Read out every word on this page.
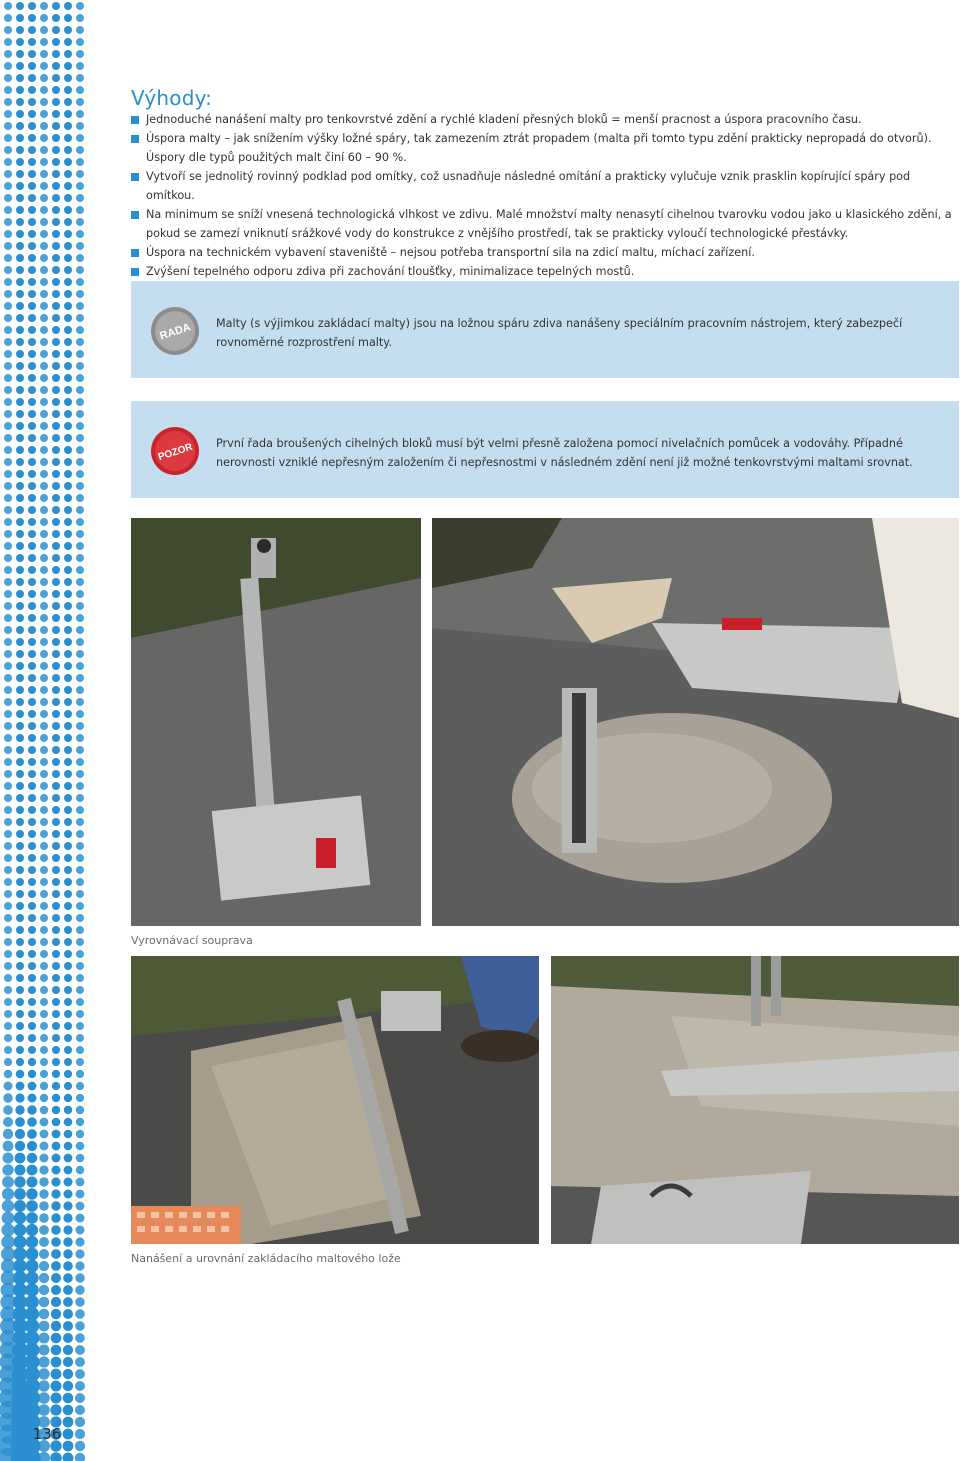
136
Výhody:
Jednoduché nanášení malty pro tenkovrstvé zdění a rychlé kladení přesných bloků = menší pracnost a úspora pracovního času.
Úspora malty – jak snížením výšky ložné spáry, tak zamezením ztrát propadem (malta při tomto typu zdění prakticky nepropadá do otvorů). Úspory dle typů použitých malt činí 60 – 90 %.
Vytvoří se jednolitý rovinný podklad pod omítky, což usnadňuje následné omítání a prakticky vylučuje vznik prasklin kopírující spáry pod omítkou.
Na minimum se sníží vnesená technologická vlhkost ve zdivu. Malé množství malty nenasytí cihelnou tvarovku vodou jako u klasického zdění, a pokud se zamezí vniknutí srážkové vody do konstrukce z vnějšího prostředí, tak se prakticky vyloučí technologické přestávky.
Úspora na technickém vybavení staveniště – nejsou potřeba transportní sila na zdicí maltu, míchací zařízení.
Zvýšení tepelného odporu zdiva při zachování tloušťky, minimalizace tepelných mostů.
RADA Malty (s výjimkou zakládací malty) jsou na ložnou spáru zdiva nanášeny speciálním pracovním nástrojem, který zabezpečí rovnoměrné rozprostření malty.
POZOR První řada broušených cihelných bloků musí být velmi přesně založena pomocí nivelačních pomůcek a vodováhy. Případné nerovnosti vzniklé nepřesným založením či nepřesnostmi v následném zdění není již možné tenkovrstvými maltami srovnat.
Vyrovnávací souprava
Nanášení a urovnání zakládacího maltového lože
